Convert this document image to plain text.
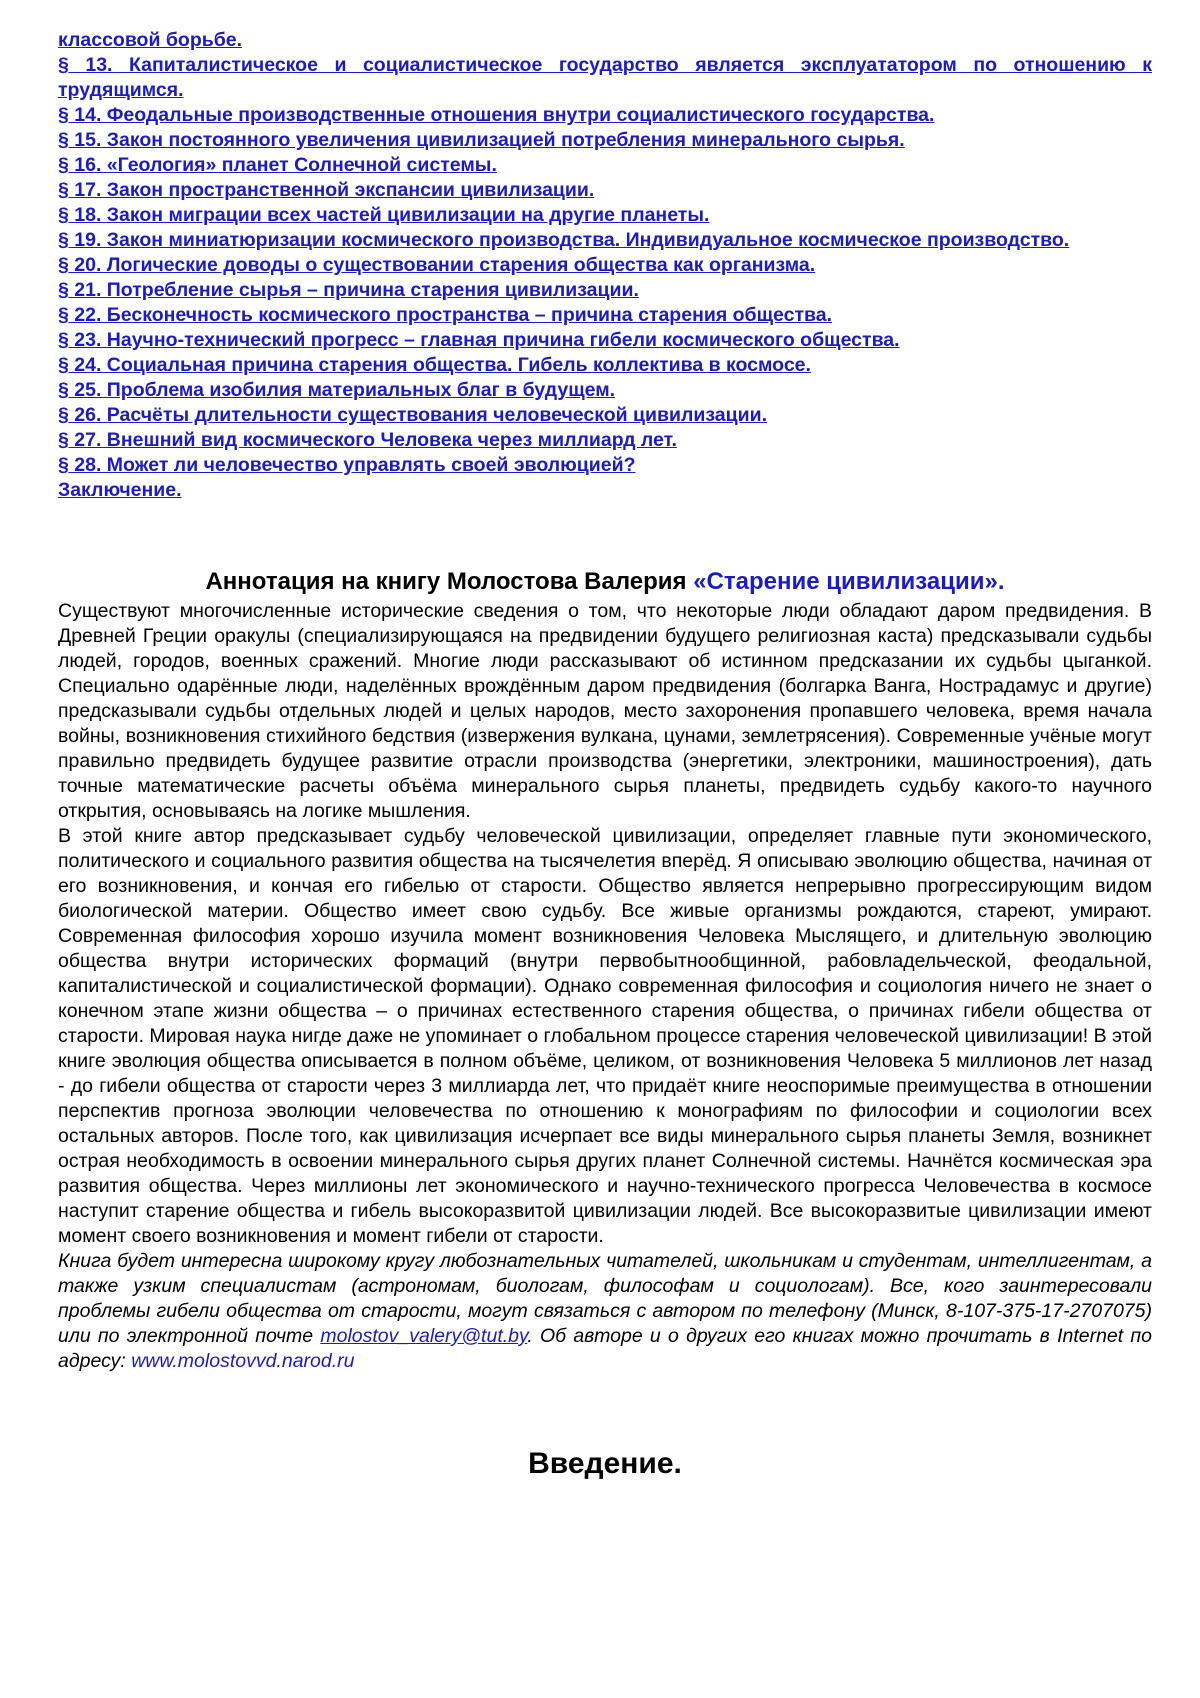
классовой борьбе.
§ 13. Капиталистическое и социалистическое государство является эксплуататором по отношению к трудящимся.
§ 14. Феодальные производственные отношения внутри социалистического государства.
§ 15. Закон постоянного увеличения цивилизацией потребления минерального сырья.
§ 16. «Геология» планет Солнечной системы.
§ 17. Закон пространственной экспансии цивилизации.
§ 18. Закон миграции всех частей цивилизации на другие планеты.
§ 19. Закон миниатюризации космического производства. Индивидуальное космическое производство.
§ 20. Логические доводы о существовании старения общества как организма.
§ 21. Потребление сырья – причина старения цивилизации.
§ 22. Бесконечность космического пространства – причина старения общества.
§ 23. Научно-технический прогресс – главная причина гибели космического общества.
§ 24. Социальная причина старения общества. Гибель коллектива в космосе.
§ 25. Проблема изобилия материальных благ в будущем.
§ 26. Расчёты длительности существования человеческой цивилизации.
§ 27. Внешний вид космического Человека через миллиард лет.
§ 28. Может ли человечество управлять своей эволюцией?
Заключение.
Аннотация на книгу Молостова Валерия «Старение цивилизации».

Существуют многочисленные исторические сведения о том, что некоторые люди обладают даром предвидения. В Древней Греции оракулы (специализирующаяся на предвидении будущего религиозная каста) предсказывали судьбы людей, городов, военных сражений. Многие люди рассказывают об истинном предсказании их судьбы цыганкой. Специально одарённые люди, наделённых врождённым даром предвидения (болгарка Ванга, Нострадамус и другие) предсказывали судьбы отдельных людей и целых народов, место захоронения пропавшего человека, время начала войны, возникновения стихийного бедствия (извержения вулкана, цунами, землетрясения). Современные учёные могут правильно предвидеть будущее развитие отрасли производства (энергетики, электроники, машиностроения), дать точные математические расчеты объёма минерального сырья планеты, предвидеть судьбу какого-то научного открытия, основываясь на логике мышления.

В этой книге автор предсказывает судьбу человеческой цивилизации, определяет главные пути экономического, политического и социального развития общества на тысячелетия вперёд. Я описываю эволюцию общества, начиная от его возникновения, и кончая его гибелью от старости. Общество является непрерывно прогрессирующим видом биологической материи. Общество имеет свою судьбу. Все живые организмы рождаются, стареют, умирают. Современная философия хорошо изучила момент возникновения Человека Мыслящего, и длительную эволюцию общества внутри исторических формаций (внутри первобытнообщинной, рабовладельческой, феодальной, капиталистической и социалистической формации). Однако современная философия и социология ничего не знает о конечном этапе жизни общества – о причинах естественного старения общества, о причинах гибели общества от старости. Мировая наука нигде даже не упоминает о глобальном процессе старения человеческой цивилизации! В этой книге эволюция общества описывается в полном объёме, целиком, от возникновения Человека 5 миллионов лет назад - до гибели общества от старости через 3 миллиарда лет, что придаёт книге неоспоримые преимущества в отношении перспектив прогноза эволюции человечества по отношению к монографиям по философии и социологии всех остальных авторов. После того, как цивилизация исчерпает все виды минерального сырья планеты Земля, возникнет острая необходимость в освоении минерального сырья других планет Солнечной системы. Начнётся космическая эра развития общества. Через миллионы лет экономического и научно-технического прогресса Человечества в космосе наступит старение общества и гибель высокоразвитой цивилизации людей. Все высокоразвитые цивилизации имеют момент своего возникновения и момент гибели от старости.

Книга будет интересна широкому кругу любознательных читателей, школьникам и студентам, интеллигентам, а также узким специалистам (астрономам, биологам, философам и социологам). Все, кого заинтересовали проблемы гибели общества от старости, могут связаться с автором по телефону (Минск, 8-107-375-17-2707075) или по электронной почте molostov_valery@tut.by. Об авторе и о других его книгах можно прочитать в Internet по адресу: www.molostovvd.narod.ru

Введение.
